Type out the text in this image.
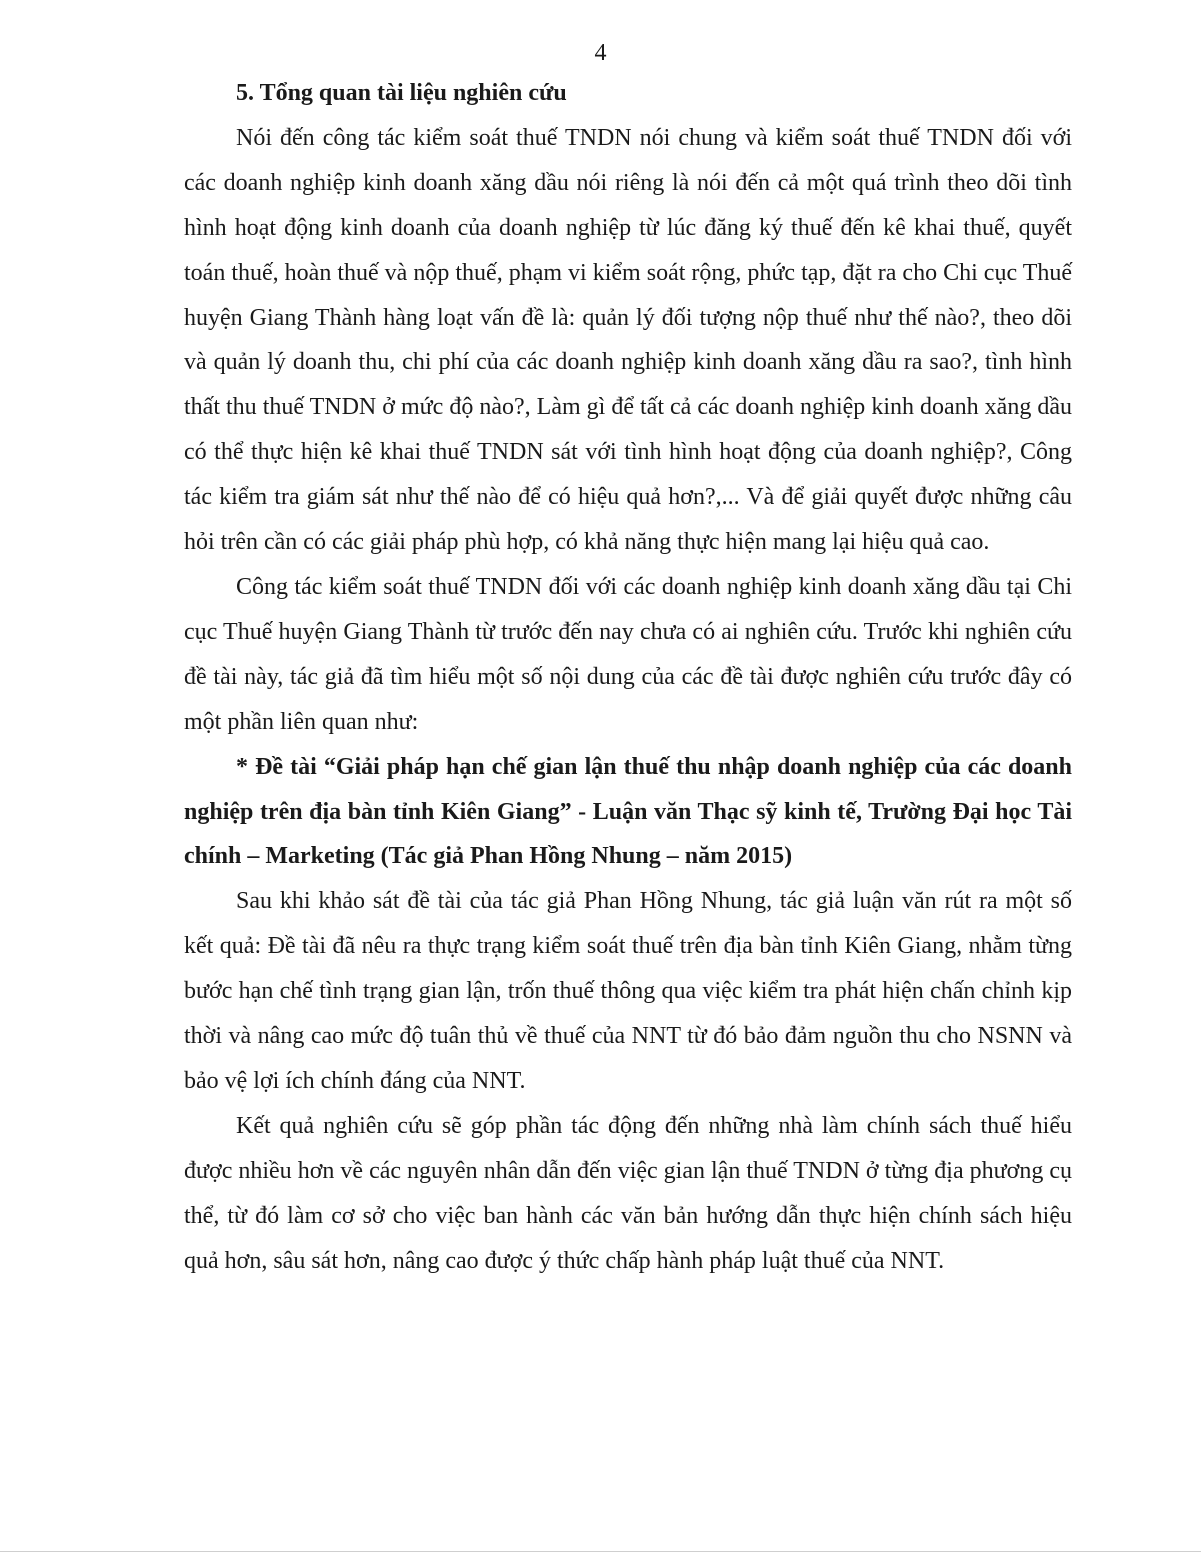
4

5. Tổng quan tài liệu nghiên cứu

Nói đến công tác kiểm soát thuế TNDN nói chung và kiểm soát thuế TNDN đối với các doanh nghiệp kinh doanh xăng dầu nói riêng là nói đến cả một quá trình theo dõi tình hình hoạt động kinh doanh của doanh nghiệp từ lúc đăng ký thuế đến kê khai thuế, quyết toán thuế, hoàn thuế và nộp thuế, phạm vi kiểm soát rộng, phức tạp, đặt ra cho Chi cục Thuế huyện Giang Thành hàng loạt vấn đề là: quản lý đối tượng nộp thuế như thế nào?, theo dõi và quản lý doanh thu, chi phí của các doanh nghiệp kinh doanh xăng dầu ra sao?, tình hình thất thu thuế TNDN ở mức độ nào?, Làm gì để tất cả các doanh nghiệp kinh doanh xăng dầu có thể thực hiện kê khai thuế TNDN sát với tình hình hoạt động của doanh nghiệp?, Công tác kiểm tra giám sát như thế nào để có hiệu quả hơn?,... Và để giải quyết được những câu hỏi trên cần có các giải pháp phù hợp, có khả năng thực hiện mang lại hiệu quả cao.

Công tác kiểm soát thuế TNDN đối với các doanh nghiệp kinh doanh xăng dầu tại Chi cục Thuế huyện Giang Thành từ trước đến nay chưa có ai nghiên cứu. Trước khi nghiên cứu đề tài này, tác giả đã tìm hiểu một số nội dung của các đề tài được nghiên cứu trước đây có một phần liên quan như:

* Đề tài “Giải pháp hạn chế gian lận thuế thu nhập doanh nghiệp của các doanh nghiệp trên địa bàn tỉnh Kiên Giang” - Luận văn Thạc sỹ kinh tế, Trường Đại học Tài chính – Marketing (Tác giả Phan Hồng Nhung – năm 2015)

Sau khi khảo sát đề tài của tác giả Phan Hồng Nhung, tác giả luận văn rút ra một số kết quả: Đề tài đã nêu ra thực trạng kiểm soát thuế trên địa bàn tỉnh Kiên Giang, nhằm từng bước hạn chế tình trạng gian lận, trốn thuế thông qua việc kiểm tra phát hiện chấn chỉnh kịp thời và nâng cao mức độ tuân thủ về thuế của NNT từ đó bảo đảm nguồn thu cho NSNN và bảo vệ lợi ích chính đáng của NNT.

Kết quả nghiên cứu sẽ góp phần tác động đến những nhà làm chính sách thuế hiểu được nhiều hơn về các nguyên nhân dẫn đến việc gian lận thuế TNDN ở từng địa phương cụ thể, từ đó làm cơ sở cho việc ban hành các văn bản hướng dẫn thực hiện chính sách hiệu quả hơn, sâu sát hơn, nâng cao được ý thức chấp hành pháp luật thuế của NNT.
